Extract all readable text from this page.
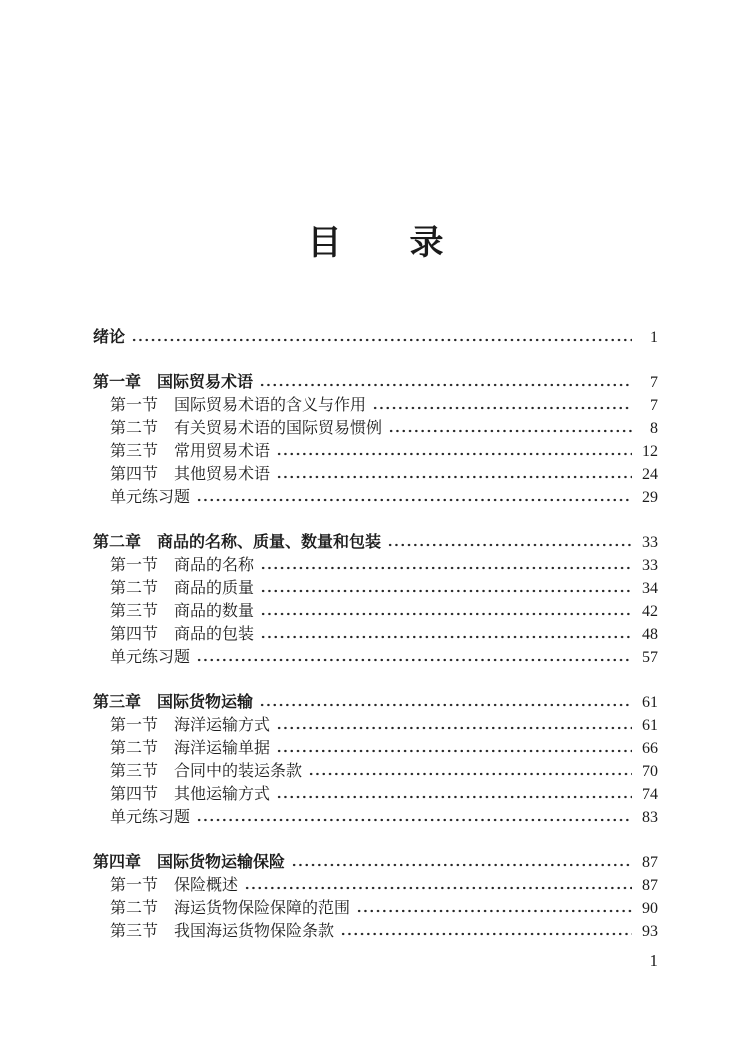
目　　录
绪论	1
第一章　国际贸易术语	7
第一节　国际贸易术语的含义与作用	7
第二节　有关贸易术语的国际贸易惯例	8
第三节　常用贸易术语	12
第四节　其他贸易术语	24
单元练习题	29
第二章　商品的名称、质量、数量和包装	33
第一节　商品的名称	33
第二节　商品的质量	34
第三节　商品的数量	42
第四节　商品的包装	48
单元练习题	57
第三章　国际货物运输	61
第一节　海洋运输方式	61
第二节　海洋运输单据	66
第三节　合同中的装运条款	70
第四节　其他运输方式	74
单元练习题	83
第四章　国际货物运输保险	87
第一节　保险概述	87
第二节　海运货物保险保障的范围	90
第三节　我国海运货物保险条款	93
1
